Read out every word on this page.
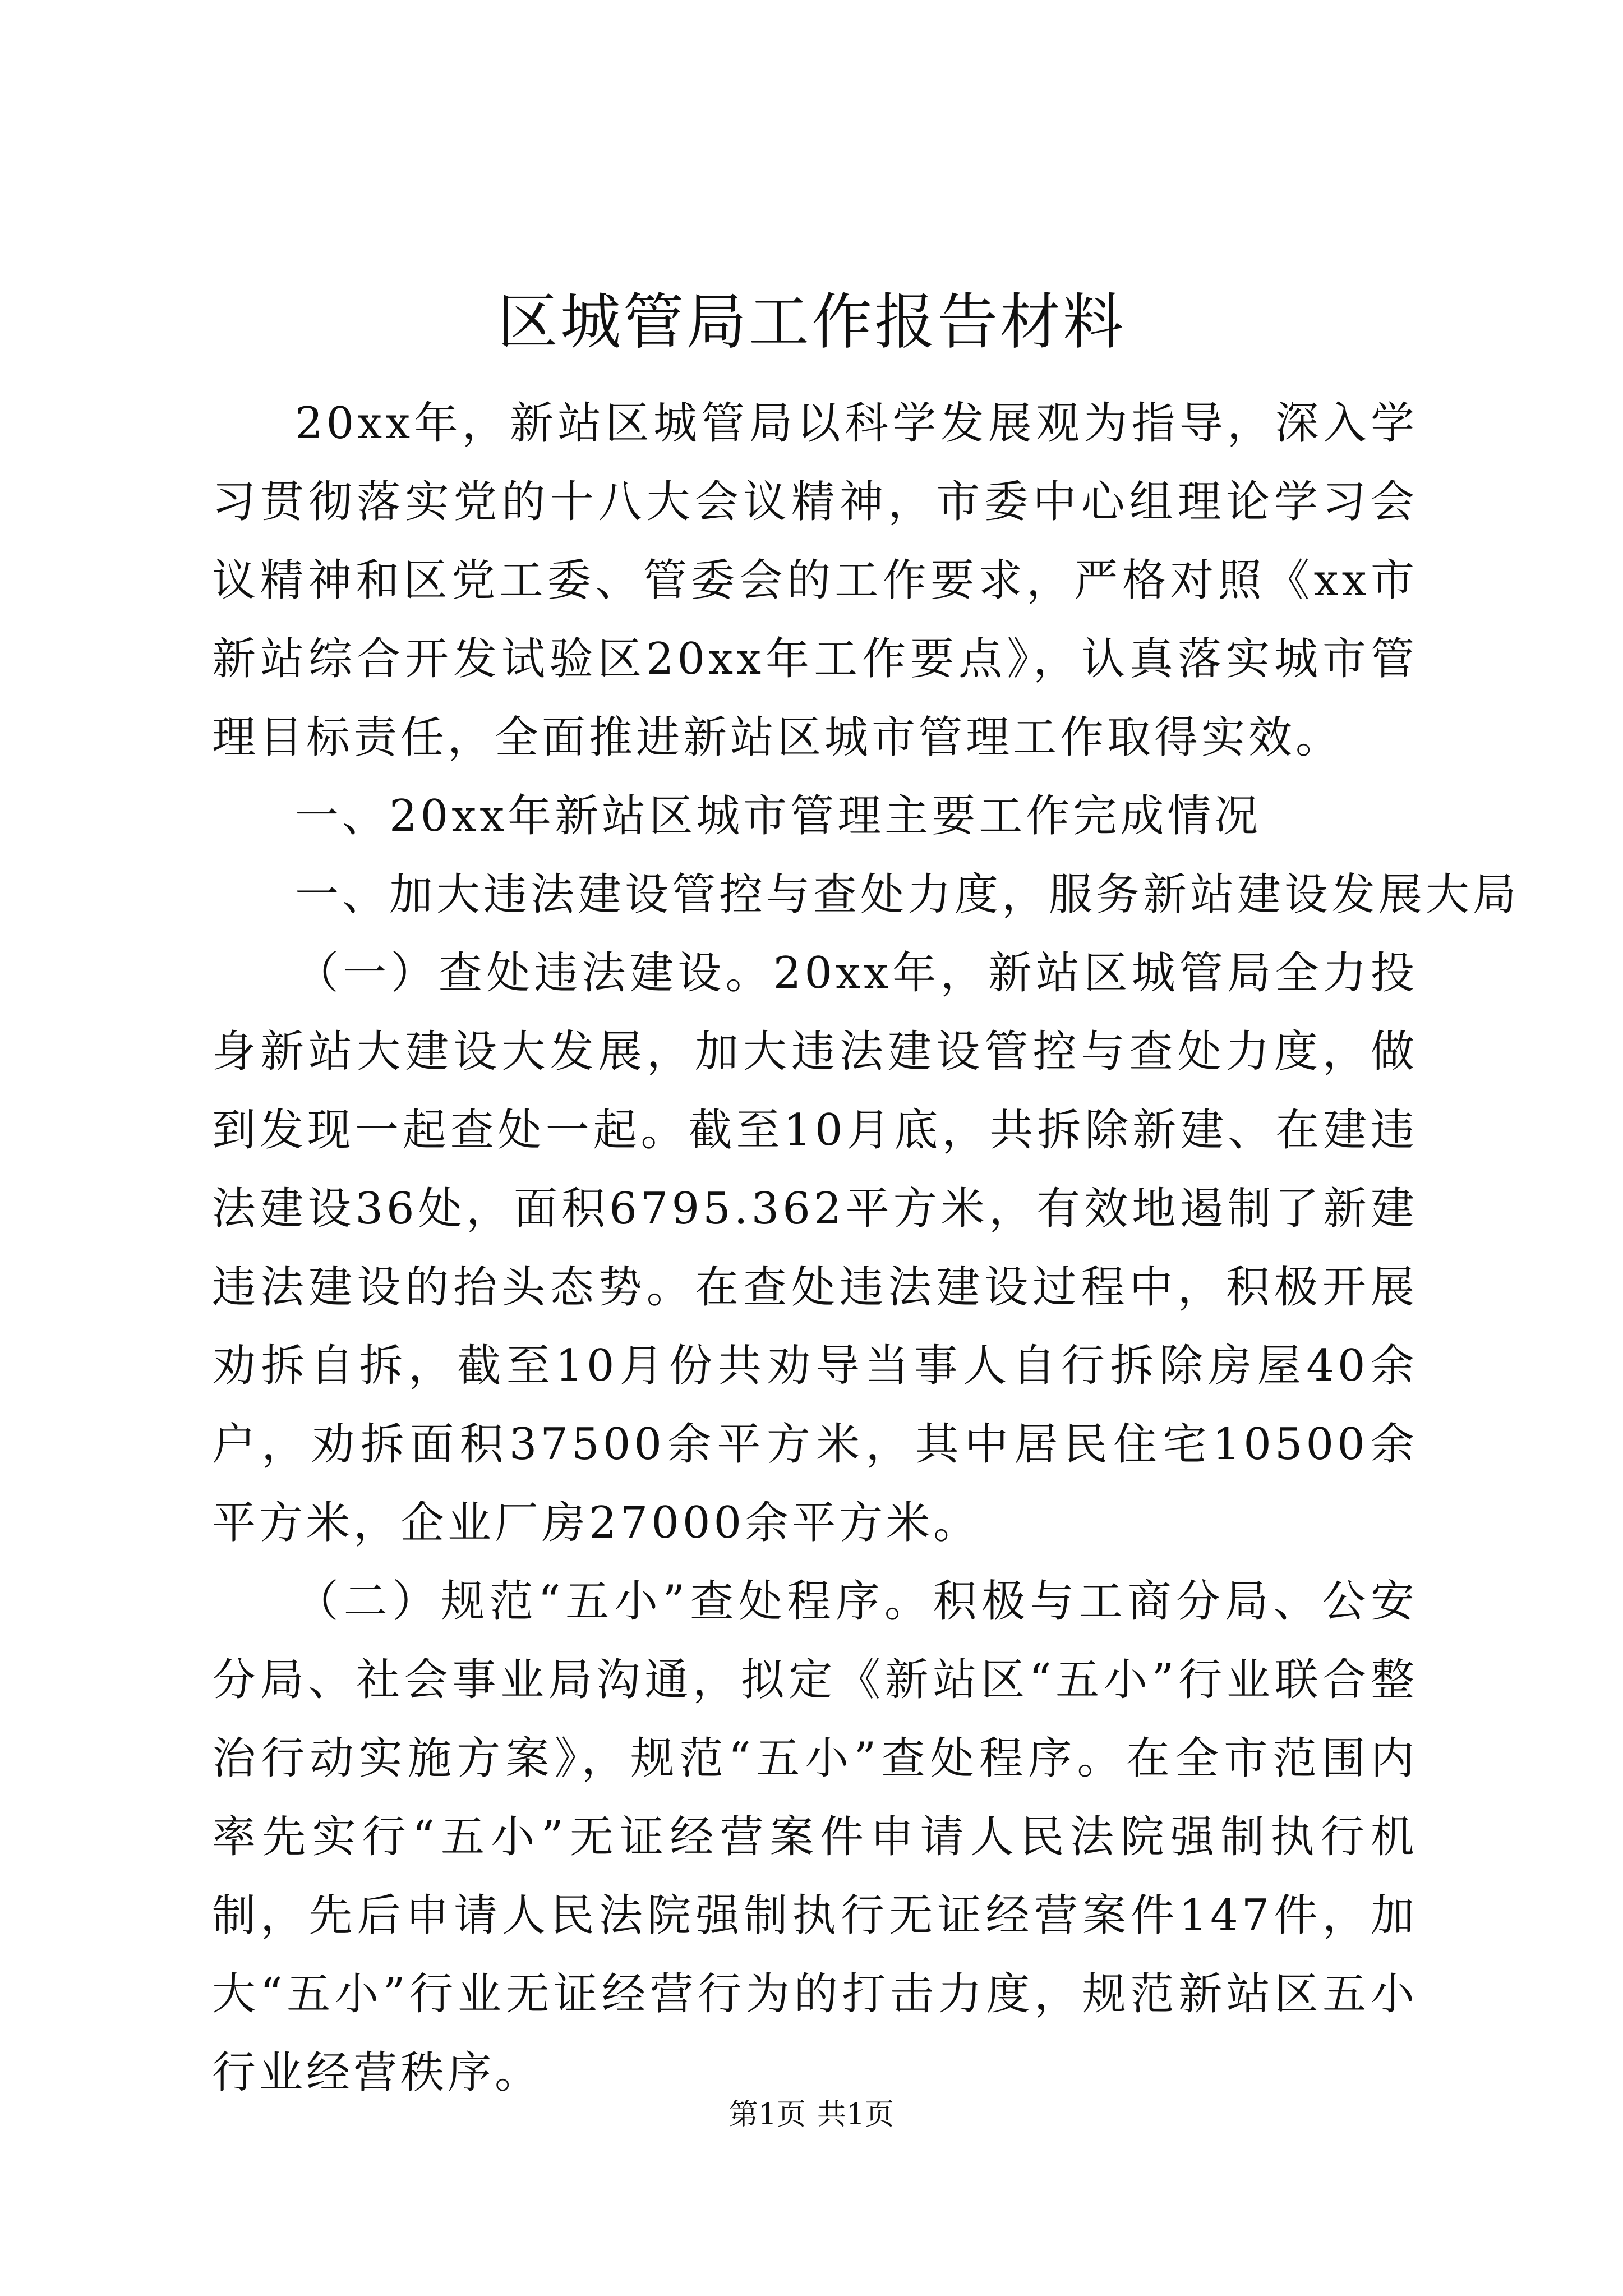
区城管局工作报告材料

20xx年，新站区城管局以科学发展观为指导，深入学习贯彻落实党的十八大会议精神，市委中心组理论学习会议精神和区党工委、管委会的工作要求，严格对照《xx市新站综合开发试验区20xx年工作要点》，认真落实城市管理目标责任，全面推进新站区城市管理工作取得实效。

一、20xx年新站区城市管理主要工作完成情况

一、加大违法建设管控与查处力度，服务新站建设发展大局

（一）查处违法建设。20xx年，新站区城管局全力投身新站大建设大发展，加大违法建设管控与查处力度，做到发现一起查处一起。截至10月底，共拆除新建、在建违法建设36处，面积6795.362平方米，有效地遏制了新建违法建设的抬头态势。在查处违法建设过程中，积极开展劝拆自拆，截至10月份共劝导当事人自行拆除房屋40余户，劝拆面积37500余平方米，其中居民住宅10500余平方米，企业厂房27000余平方米。

（二）规范“五小”查处程序。积极与工商分局、公安分局、社会事业局沟通，拟定《新站区“五小”行业联合整治行动实施方案》，规范“五小”查处程序。在全市范围内率先实行“五小”无证经营案件申请人民法院强制执行机制，先后申请人民法院强制执行无证经营案件147件，加大“五小”行业无证经营行为的打击力度，规范新站区五小行业经营秩序。

第1页 共1页
